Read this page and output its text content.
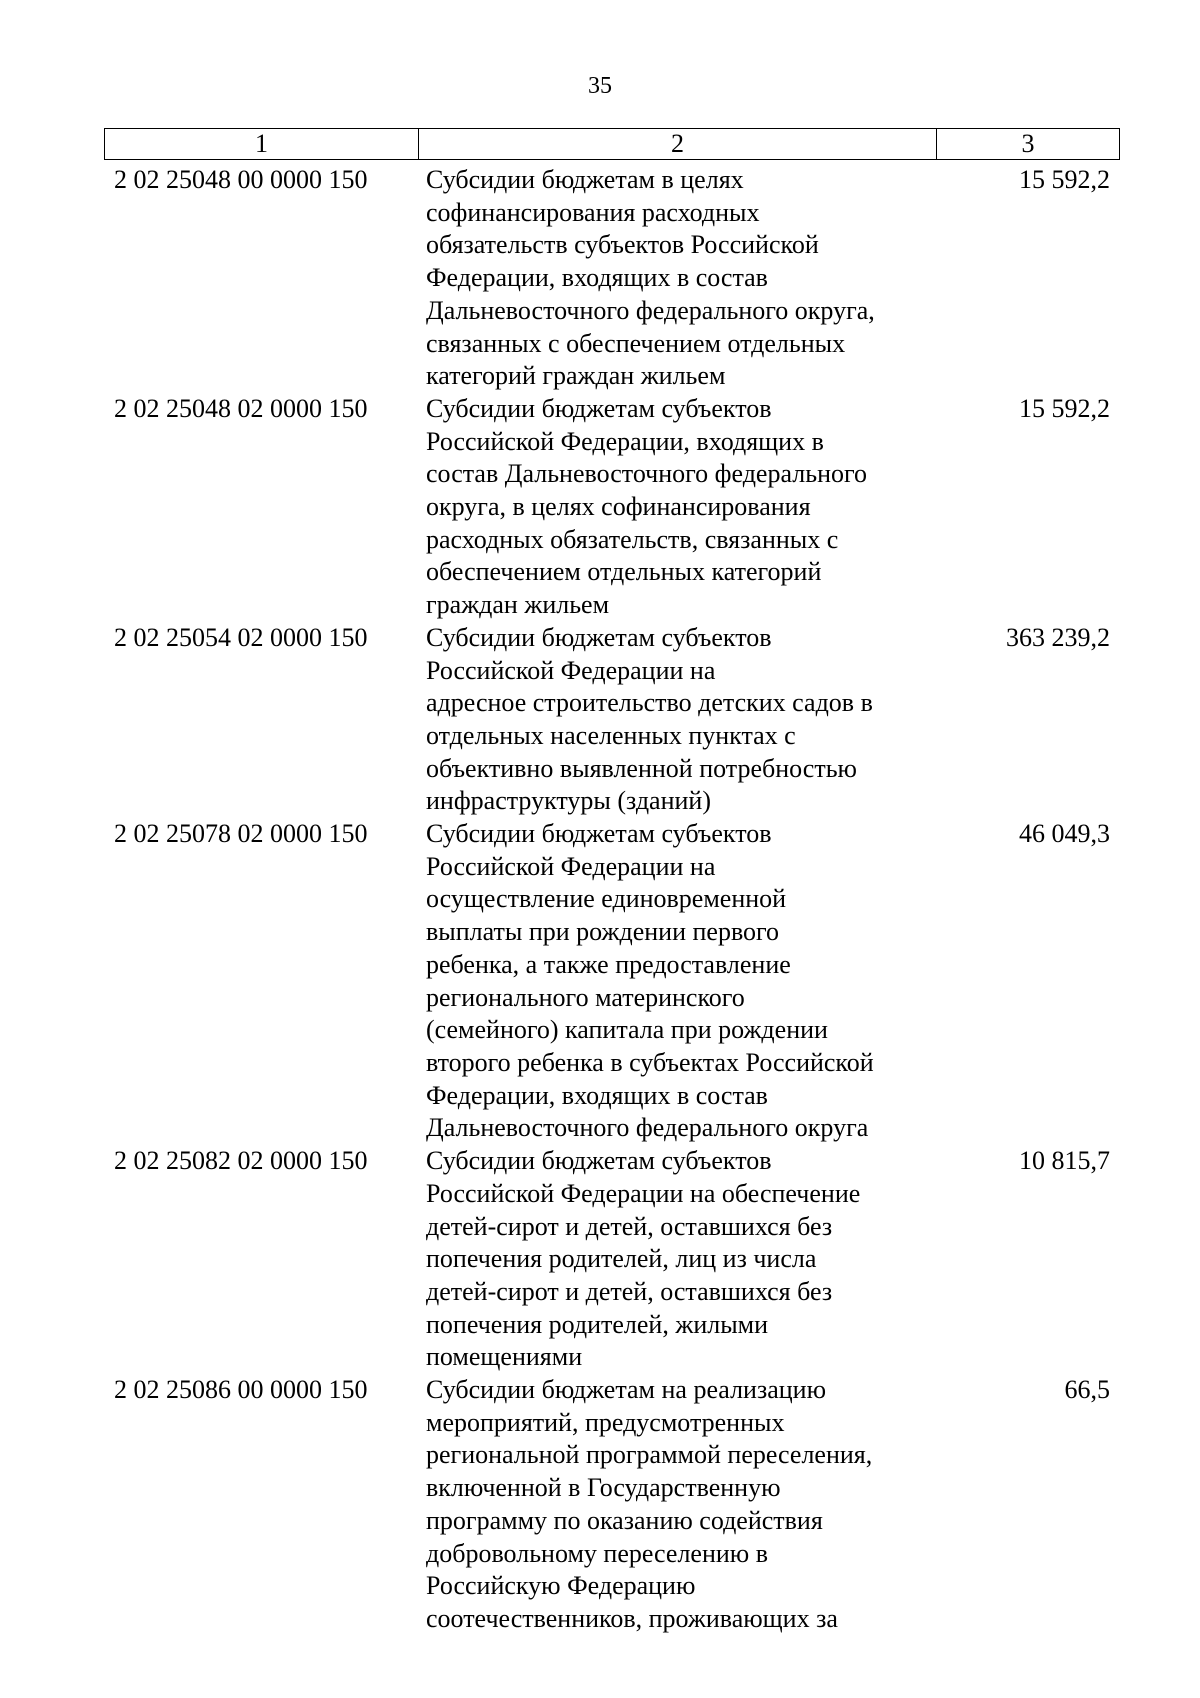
35
1	2	3
2 02 25048 00 0000 150	Субсидии бюджетам в целях
софинансирования расходных
обязательств субъектов Российской
Федерации, входящих в состав
Дальневосточного федерального округа,
связанных с обеспечением отдельных
категорий граждан жильем
15 592,2
2 02 25048 02 0000 150	Субсидии бюджетам субъектов
Российской Федерации, входящих в
состав Дальневосточного федерального
округа, в целях софинансирования
расходных обязательств, связанных с
обеспечением отдельных категорий
граждан жильем
15 592,2
2 02 25054 02 0000 150	Субсидии бюджетам субъектов
Российской Федерации на
адресное строительство детских садов в
отдельных населенных пунктах с
объективно выявленной потребностью
инфраструктуры (зданий)
363 239,2
2 02 25078 02 0000 150	Субсидии бюджетам субъектов
Российской Федерации на
осуществление единовременной
выплаты при рождении первого
ребенка, а также предоставление
регионального материнского
(семейного) капитала при рождении
второго ребенка в субъектах Российской
Федерации, входящих в состав
Дальневосточного федерального округа
46 049,3
2 02 25082 02 0000 150	Субсидии бюджетам субъектов
Российской Федерации на обеспечение
детей-сирот и детей, оставшихся без
попечения родителей, лиц из числа
детей-сирот и детей, оставшихся без
попечения родителей, жилыми
помещениями
10 815,7
2 02 25086 00 0000 150	Субсидии бюджетам на реализацию
мероприятий, предусмотренных
региональной программой переселения,
включенной в Государственную
программу по оказанию содействия
добровольному переселению в
Российскую Федерацию
соотечественников, проживающих за
66,5
